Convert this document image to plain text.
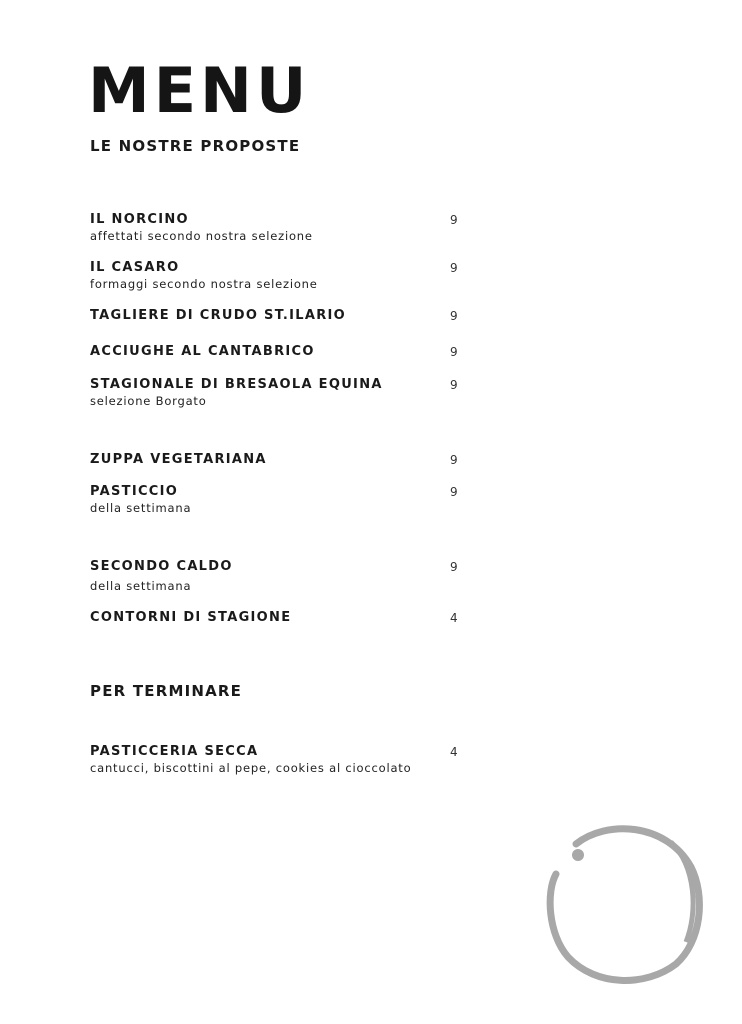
MENU
LE NOSTRE PROPOSTE
IL NORCINO
affettati secondo nostra selezione
9
IL CASARO
formaggi secondo nostra selezione
9
TAGLIERE DI CRUDO ST.ILARIO	9
ACCIUGHE AL CANTABRICO	9
STAGIONALE DI BRESAOLA EQUINA
selezione Borgato
9
ZUPPA VEGETARIANA	9
PASTICCIO
della settimana
9
SECONDO CALDO
della settimana
9
CONTORNI DI STAGIONE	4
PER TERMINARE
PASTICCERIA SECCA
cantucci, biscottini al pepe, cookies al cioccolato
4
